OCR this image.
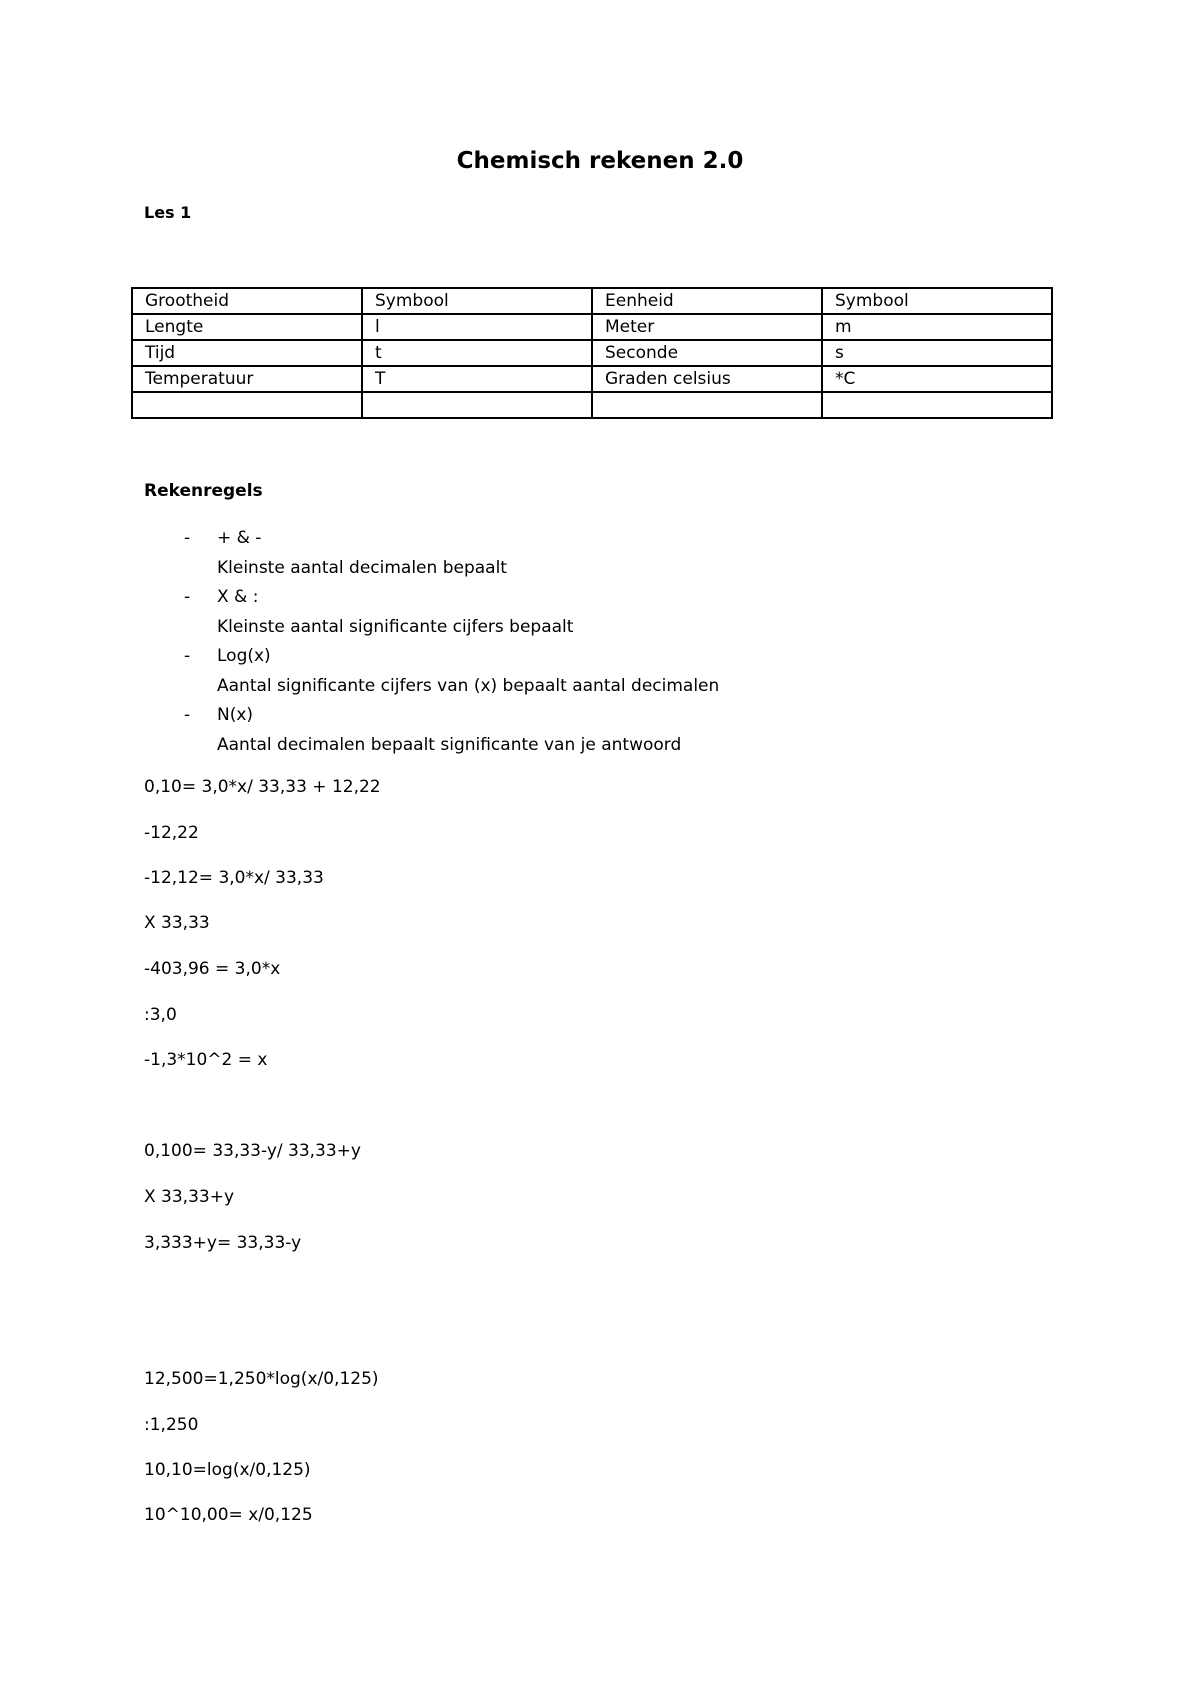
Chemisch rekenen 2.0
Les 1
Grootheid	Symbool	Eenheid	Symbool
Lengte	l	Meter	m
Tijd	t	Seconde	s
Temperatuur	T	Graden celsius	*C

Rekenregels
- + & -
Kleinste aantal decimalen bepaalt
- X & :
Kleinste aantal significante cijfers bepaalt
- Log(x)
Aantal significante cijfers van (x) bepaalt aantal decimalen
- N(x)
Aantal decimalen bepaalt significante van je antwoord
0,10= 3,0*x/ 33,33 + 12,22
-12,22
-12,12= 3,0*x/ 33,33
X 33,33
-403,96 = 3,0*x
:3,0
-1,3*10^2 = x
0,100= 33,33-y/ 33,33+y
X 33,33+y
3,333+y= 33,33-y
12,500=1,250*log(x/0,125)
:1,250
10,10=log(x/0,125)
10^10,00= x/0,125
